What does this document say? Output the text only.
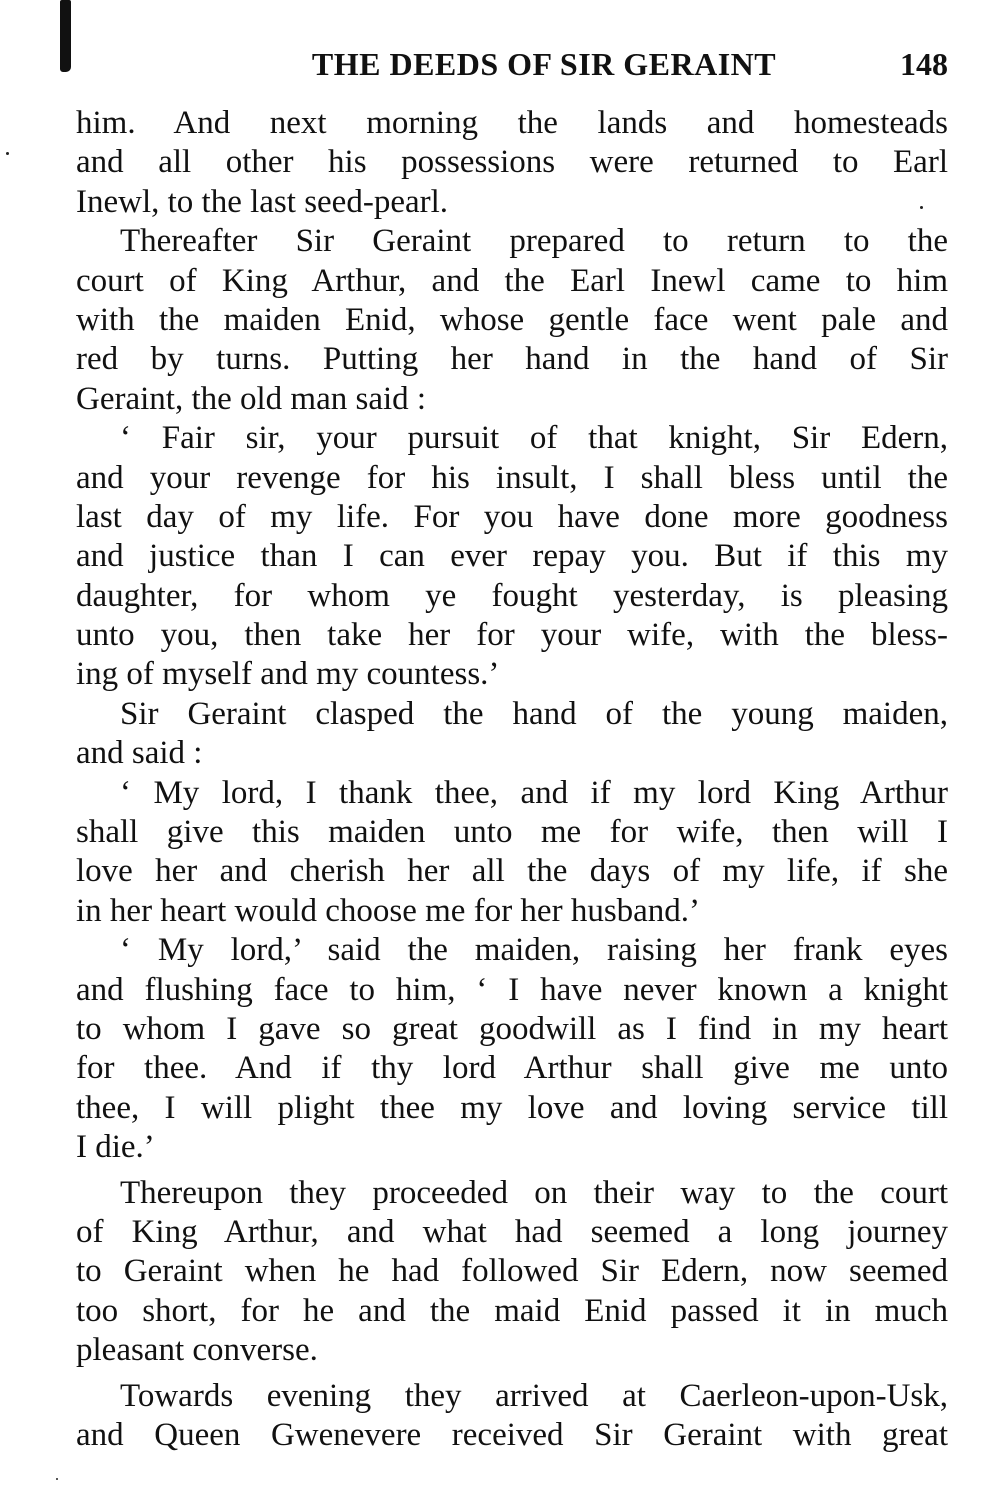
THE DEEDS OF SIR GERAINT	148
him. And next morning the lands and homesteads
and all other his possessions were returned to Earl
Inewl, to the last seed-pearl.
Thereafter Sir Geraint prepared to return to the
court of King Arthur, and the Earl Inewl came to him
with the maiden Enid, whose gentle face went pale and
red by turns. Putting her hand in the hand of Sir
Geraint, the old man said :
‘ Fair sir, your pursuit of that knight, Sir Edern,
and your revenge for his insult, I shall bless until the
last day of my life. For you have done more goodness
and justice than I can ever repay you. But if this my
daughter, for whom ye fought yesterday, is pleasing
unto you, then take her for your wife, with the bless-
ing of myself and my countess.’
Sir Geraint clasped the hand of the young maiden,
and said :
‘ My lord, I thank thee, and if my lord King Arthur
shall give this maiden unto me for wife, then will I
love her and cherish her all the days of my life, if she
in her heart would choose me for her husband.’
‘ My lord,’ said the maiden, raising her frank eyes
and flushing face to him, ‘ I have never known a knight
to whom I gave so great goodwill as I find in my heart
for thee. And if thy lord Arthur shall give me unto
thee, I will plight thee my love and loving service till
I die.’
Thereupon they proceeded on their way to the court
of King Arthur, and what had seemed a long journey
to Geraint when he had followed Sir Edern, now seemed
too short, for he and the maid Enid passed it in much
pleasant converse.
Towards evening they arrived at Caerleon-upon-Usk,
and Queen Gwenevere received Sir Geraint with great
